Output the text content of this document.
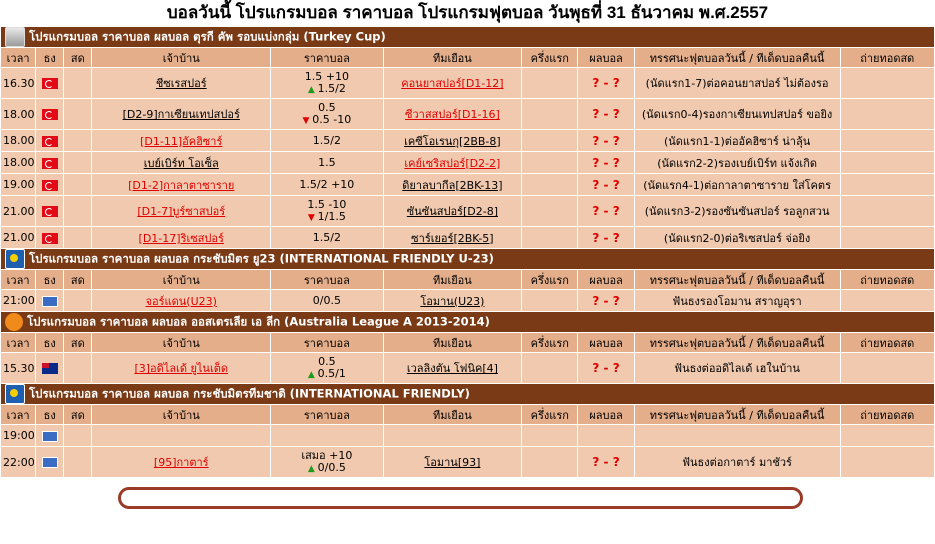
บอลวันนี้ โปรแกรมบอล ราคาบอล โปรแกรมฟุตบอล วันพุธที่ 31 ธันวาคม พ.ศ.2557
โปรแกรมบอล ราคาบอล ผลบอล ตุรกี คัพ รอบแบ่งกลุ่ม (Turkey Cup)									
เวลา	ธง	สด	เจ้าบ้าน	ราคาบอล	ทีมเยือน	ครึ่งแรก	ผลบอล	ทรรศนะฟุตบอลวันนี้ / ทีเด็ดบอลคืนนี้	ถ่ายทอดสด
16.30			ชีซเรสปอร์	1.5 +10
▲ 1.5/2	คอนยาสปอร์[D1-12]		? - ?	(นัดแรก1-7)ต่อคอนยาสปอร์ ไม่ต้องรอ	
18.00			[D2-9]กาเซียนเทปสปอร์	0.5
▼ 0.5 -10	ซีวาสสปอร์[D1-16]		? - ?	(นัดแรก0-4)รองกาเซียนเทปสปอร์ ขอยิง	
18.00			[D1-11]อัคฮิซาร์	1.5/2	เคซีโอเรนกุ[2BB-8]		? - ?	(นัดแรก1-1)ต่ออัคฮิซาร์ น่าลุ้น	
18.00			เบย์เบิร์ท โอเซ็ล	1.5	เคย์เซริสปอร์[D2-2]		? - ?	(นัดแรก2-2)รองเบย์เบิร์ท แจ้งเกิด	
19.00			[D1-2]กาลาตาซาราย	1.5/2 +10	ดิยาลบากีล[2BK-13]		? - ?	(นัดแรก4-1)ต่อกาลาตาซาราย ใส่โคตร	
21.00			[D1-7]บูร์ซาสปอร์	1.5 -10
▼ 1/1.5	ซันซันสปอร์[D2-8]		? - ?	(นัดแรก3-2)รองซันซันสปอร์ รอลูกสวน	
21.00			[D1-17]ริเซสปอร์	1.5/2	ซาร์เยอร์[2BK-5]		? - ?	(นัดแรก2-0)ต่อริเซสปอร์ จ่อยิง	
โปรแกรมบอล ราคาบอล ผลบอล กระชับมิตร ยู23 (INTERNATIONAL FRIENDLY U-23)									
เวลา	ธง	สด	เจ้าบ้าน	ราคาบอล	ทีมเยือน	ครึ่งแรก	ผลบอล	ทรรศนะฟุตบอลวันนี้ / ทีเด็ดบอลคืนนี้	ถ่ายทอดสด
21:00			จอร์แดน(U23)	0/0.5	โอมาน(U23)		? - ?	ฟันธงรองโอมาน สราญอุรา	
โปรแกรมบอล ราคาบอล ผลบอล ออสเตรเลีย เอ ลีก (Australia League A 2013-2014)									
เวลา	ธง	สด	เจ้าบ้าน	ราคาบอล	ทีมเยือน	ครึ่งแรก	ผลบอล	ทรรศนะฟุตบอลวันนี้ / ทีเด็ดบอลคืนนี้	ถ่ายทอดสด
15.30			[3]อดิไลเด้ ยูไนเต็ด	0.5
▲ 0.5/1	เวลลิงตัน โฟนิค[4]		? - ?	ฟันธงต่ออดิไลเด้ เฮในบ้าน	
โปรแกรมบอล ราคาบอล ผลบอล กระชับมิตรทีมชาติ (INTERNATIONAL FRIENDLY)									
เวลา	ธง	สด	เจ้าบ้าน	ราคาบอล	ทีมเยือน	ครึ่งแรก	ผลบอล	ทรรศนะฟุตบอลวันนี้ / ทีเด็ดบอลคืนนี้	ถ่ายทอดสด
19:00									
22:00			[95]กาตาร์	เสมอ +10
▲ 0/0.5	โอมาน[93]		? - ?	ฟันธงต่อกาตาร์ มาชัวร์	
